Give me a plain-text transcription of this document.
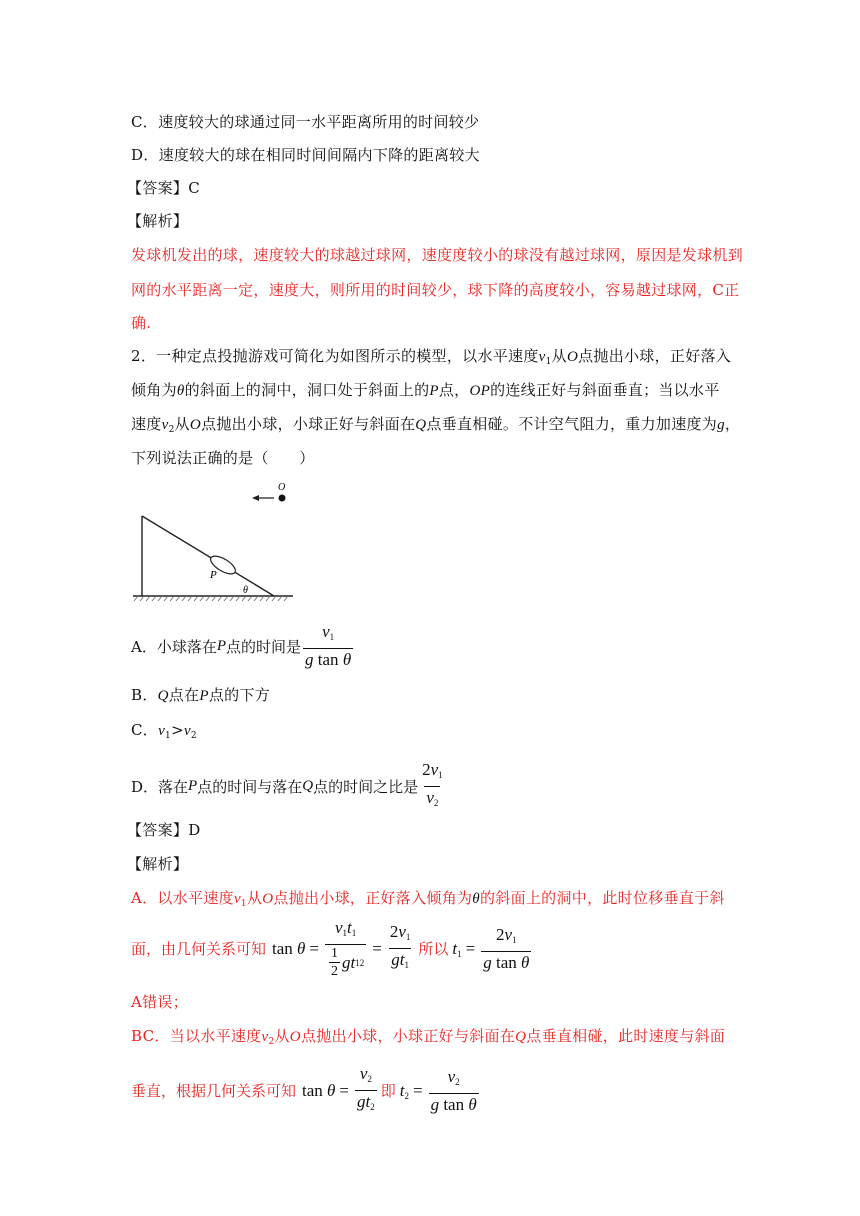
C．速度较大的球通过同一水平距离所用的时间较少
D．速度较大的球在相同时间间隔内下降的距离较大
【答案】C
【解析】
发球机发出的球，速度较大的球越过球网，速度度较小的球没有越过球网，原因是发球机到
网的水平距离一定，速度大，则所用的时间较少，球下降的高度较小，容易越过球网，C正
确.
2．一种定点投抛游戏可简化为如图所示的模型，以水平速度$v_1$从O点抛出小球，正好落入
倾角为θ的斜面上的洞中，洞口处于斜面上的P点，OP的连线正好与斜面垂直；当以水平
速度$v_2$从O点抛出小球，小球正好与斜面在Q点垂直相碰。不计空气阻力，重力加速度为g，
下列说法正确的是（　　）
P
θ
O
A．小球落在 P 点的时间是 $\frac{v_1}{\text{g tan θ}}$
B．Q点在P点的下方
C．$v_1>v_2$
D．落在 P 点的时间与落在 Q 点的时间之比是 $\frac{2v_1}{v_2}$
【答案】D
【解析】
A．以水平速度$v_1$从O点抛出小球，正好落入倾角为θ的斜面上的洞中，此时位移垂直于斜
面，由几何关系可知 $\tan \theta = \frac{v_1t_1}{\frac{1}{2} gt 1 2} = \frac{2v_1}{gt_1}$ 所以 $t_1 = \frac{2v_1}{\text{g tan θ}}$
A错误；
BC．当以水平速度$v_2$从O点抛出小球，小球正好与斜面在Q点垂直相碰，此时速度与斜面
垂直，根据几何关系可知 $\tan \theta = \frac{v_2}{gt_2}$ 即 $t_2 = \frac{v_2}{\text{g tan θ}}$
